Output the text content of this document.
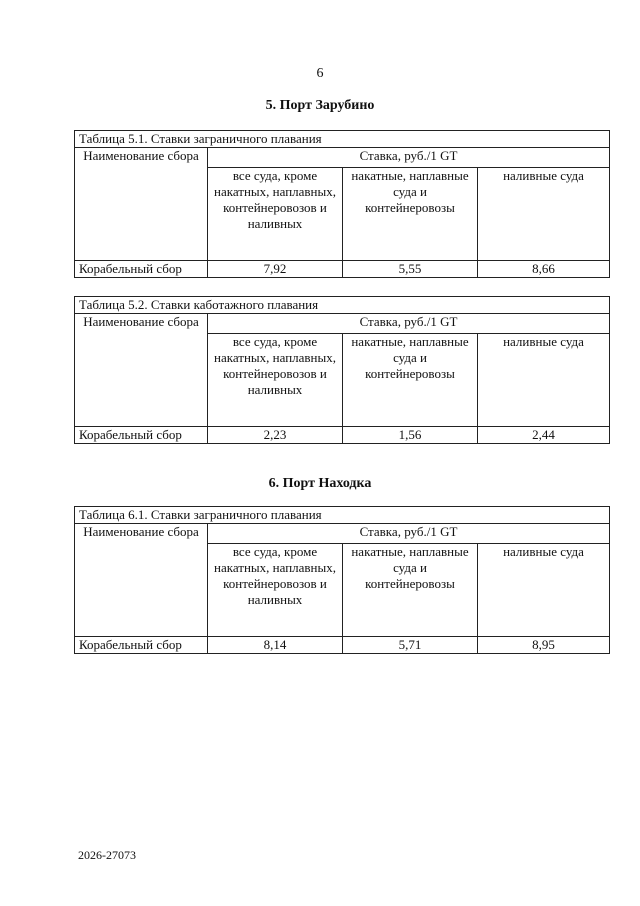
6
5. Порт Зарубино
Таблица 5.1. Ставки заграничного плавания			
Наименование сбора	Ставка, руб./1 GT		
	все суда, кроме накатных, наплавных, контейнеровозов и наливных	накатные, наплавные суда и контейнеровозы	наливные суда
Корабельный сбор	7,92	5,55	8,66
Таблица 5.2. Ставки каботажного плавания			
Наименование сбора	Ставка, руб./1 GT		
	все суда, кроме накатных, наплавных, контейнеровозов и наливных	накатные, наплавные суда и контейнеровозы	наливные суда
Корабельный сбор	2,23	1,56	2,44
6. Порт Находка
Таблица 6.1. Ставки заграничного плавания			
Наименование сбора	Ставка, руб./1 GT		
	все суда, кроме накатных, наплавных, контейнеровозов и наливных	накатные, наплавные суда и контейнеровозы	наливные суда
Корабельный сбор	8,14	5,71	8,95
2026-27073
